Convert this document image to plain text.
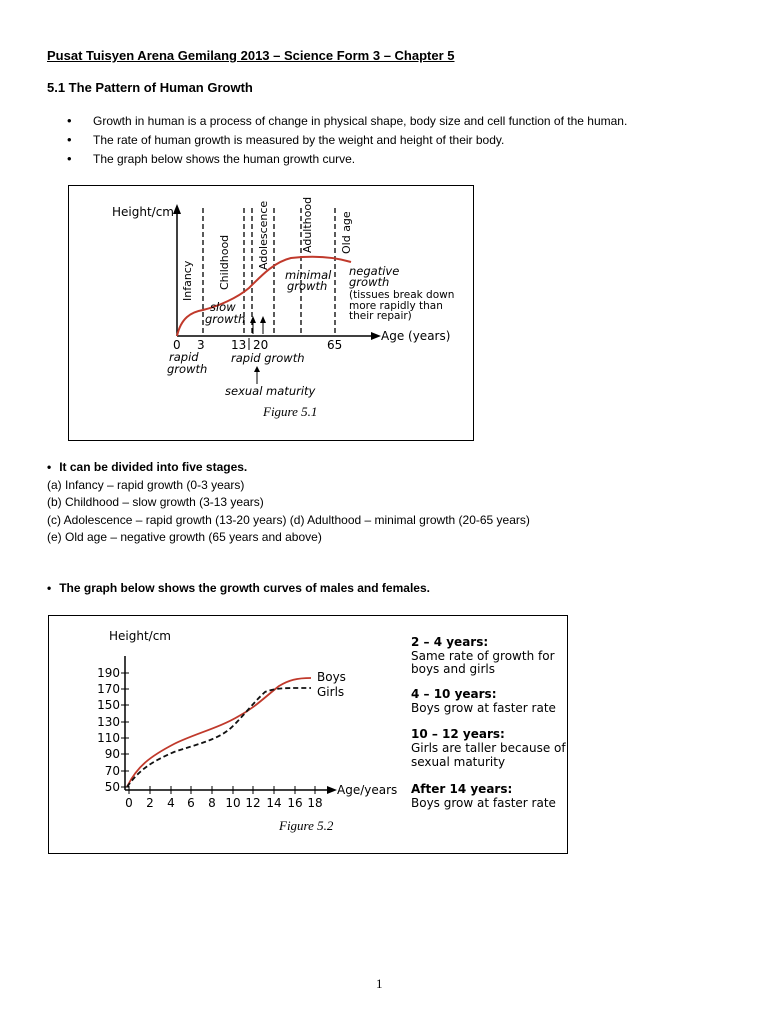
Pusat Tuisyen Arena Gemilang 2013 – Science Form 3 – Chapter 5
5.1 The Pattern of Human Growth
• Growth in human is a process of change in physical shape, body size and cell function of the human.
• The rate of human growth is measured by the weight and height of their body.
• The graph below shows the human growth curve.
Height/cm
Age (years)
Infancy Childhood Adolescence	Adulthood Old age
0 3 13 20	65
rapid
growth
slow
growth
rapid growth
sexual maturity
minimal
growth
negative
growth
(tissues break down
more rapidly than
their repair)
Figure 5.1
• It can be divided into five stages.
(a) Infancy – rapid growth (0-3 years)
(b) Childhood – slow growth (3-13 years)
(c) Adolescence – rapid growth (13-20 years) (d) Adulthood – minimal growth (20-65 years)
(e) Old age – negative growth (65 years and above)
• The graph below shows the growth curves of males and females.
Height/cm
Age/years
190
170
150
130
110
90
70
50
0 2 4 6 8 10 12 14 16 18
Boys
Girls
Figure 5.2
2 – 4 years:
Same rate of growth for
boys and girls
4 – 10 years:
Boys grow at faster rate
10 – 12 years:
Girls are taller because of
sexual maturity
After 14 years:
Boys grow at faster rate
1
